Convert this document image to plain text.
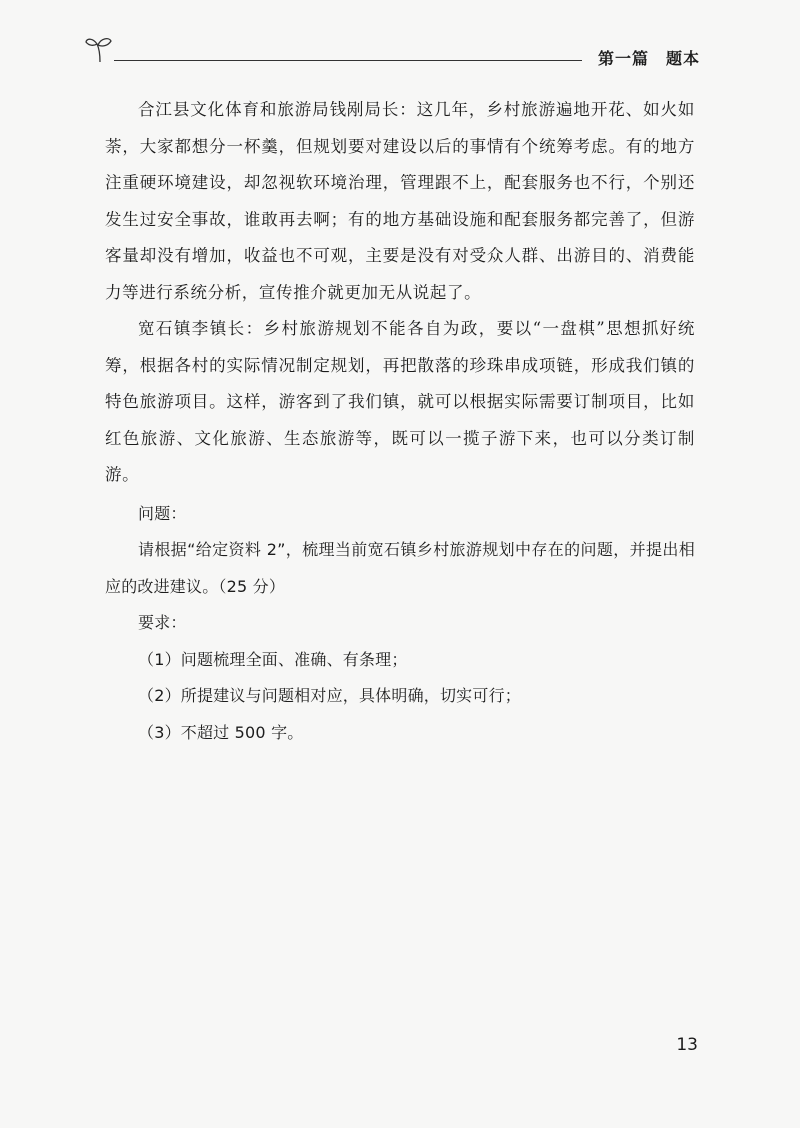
第一篇　题本

合江县文化体育和旅游局钱剐局长：这几年，乡村旅游遍地开花、如火如荼，大家都想分一杯羹，但规划要对建设以后的事情有个统筹考虑。有的地方注重硬环境建设，却忽视软环境治理，管理跟不上，配套服务也不行，个别还发生过安全事故，谁敢再去啊；有的地方基础设施和配套服务都完善了，但游客量却没有增加，收益也不可观，主要是没有对受众人群、出游目的、消费能力等进行系统分析，宣传推介就更加无从说起了。

宽石镇李镇长：乡村旅游规划不能各自为政，要以“一盘棋”思想抓好统筹，根据各村的实际情况制定规划，再把散落的珍珠串成项链，形成我们镇的特色旅游项目。这样，游客到了我们镇，就可以根据实际需要订制项目，比如红色旅游、文化旅游、生态旅游等，既可以一揽子游下来，也可以分类订制游。

问题：

请根据“给定资料 2”，梳理当前宽石镇乡村旅游规划中存在的问题，并提出相应的改进建议。（25 分）

要求：

（1）问题梳理全面、准确、有条理；

（2）所提建议与问题相对应，具体明确，切实可行；

（3）不超过 500 字。

13
